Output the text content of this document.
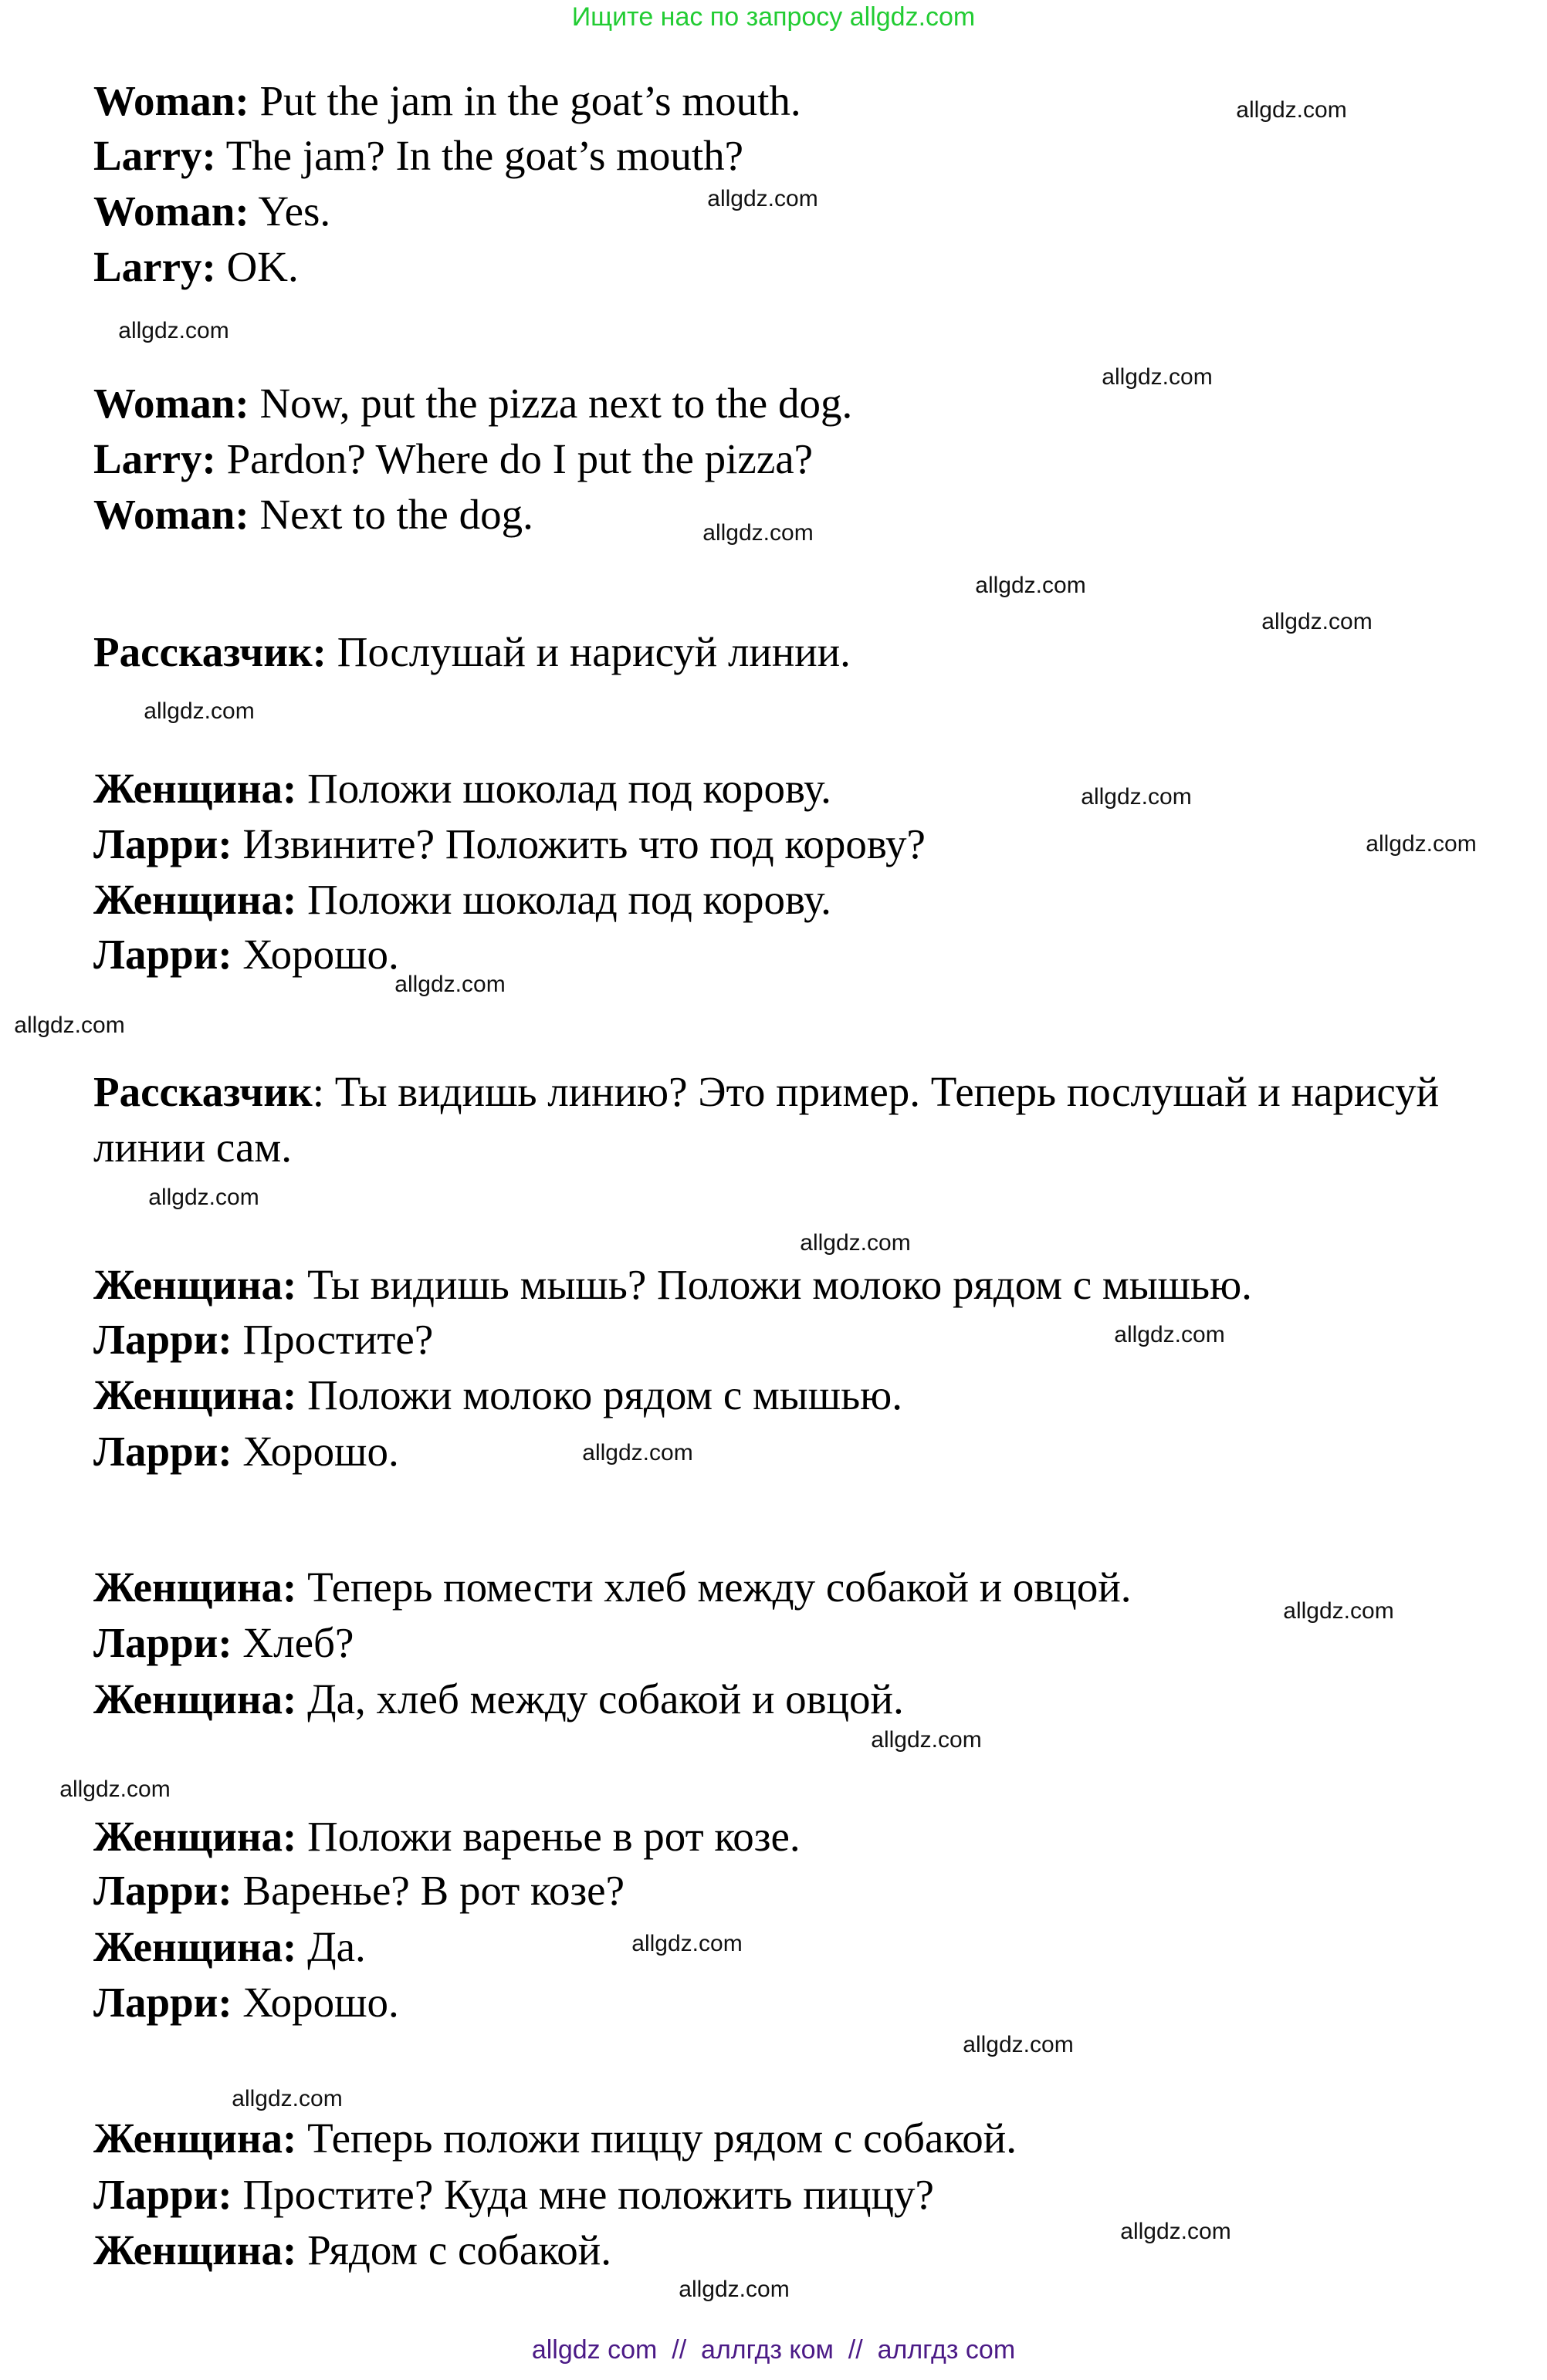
Ищите нас по запросу allgdz.com
Woman: Put the jam in the goat’s mouth.
Larry: The jam? In the goat’s mouth?
Woman: Yes.
Larry: OK.
Woman: Now, put the pizza next to the dog.
Larry: Pardon? Where do I put the pizza?
Woman: Next to the dog.
Рассказчик: Послушай и нарисуй линии.
Женщина: Положи шоколад под корову.
Ларри: Извините? Положить что под корову?
Женщина: Положи шоколад под корову.
Ларри: Хорошо.
Рассказчик: Ты видишь линию? Это пример. Теперь послушай и нарисуй
линии сам.
Женщина: Ты видишь мышь? Положи молоко рядом с мышью.
Ларри: Простите?
Женщина: Положи молоко рядом с мышью.
Ларри: Хорошо.
Женщина: Теперь помести хлеб между собакой и овцой.
Ларри: Хлеб?
Женщина: Да, хлеб между собакой и овцой.
Женщина: Положи варенье в рот козе.
Ларри: Варенье? В рот козе?
Женщина: Да.
Ларри: Хорошо.
Женщина: Теперь положи пиццу рядом с собакой.
Ларри: Простите? Куда мне положить пиццу?
Женщина: Рядом с собакой.
allgdz.com
allgdz.com
allgdz.com
allgdz.com
allgdz.com
allgdz.com
allgdz.com
allgdz.com
allgdz.com
allgdz.com
allgdz.com
allgdz.com
allgdz.com
allgdz.com
allgdz.com
allgdz.com
allgdz.com
allgdz.com
allgdz.com
allgdz.com
allgdz.com
allgdz.com
allgdz.com
allgdz.com
allgdz com  //  аллгдз ком  //  аллгдз com
